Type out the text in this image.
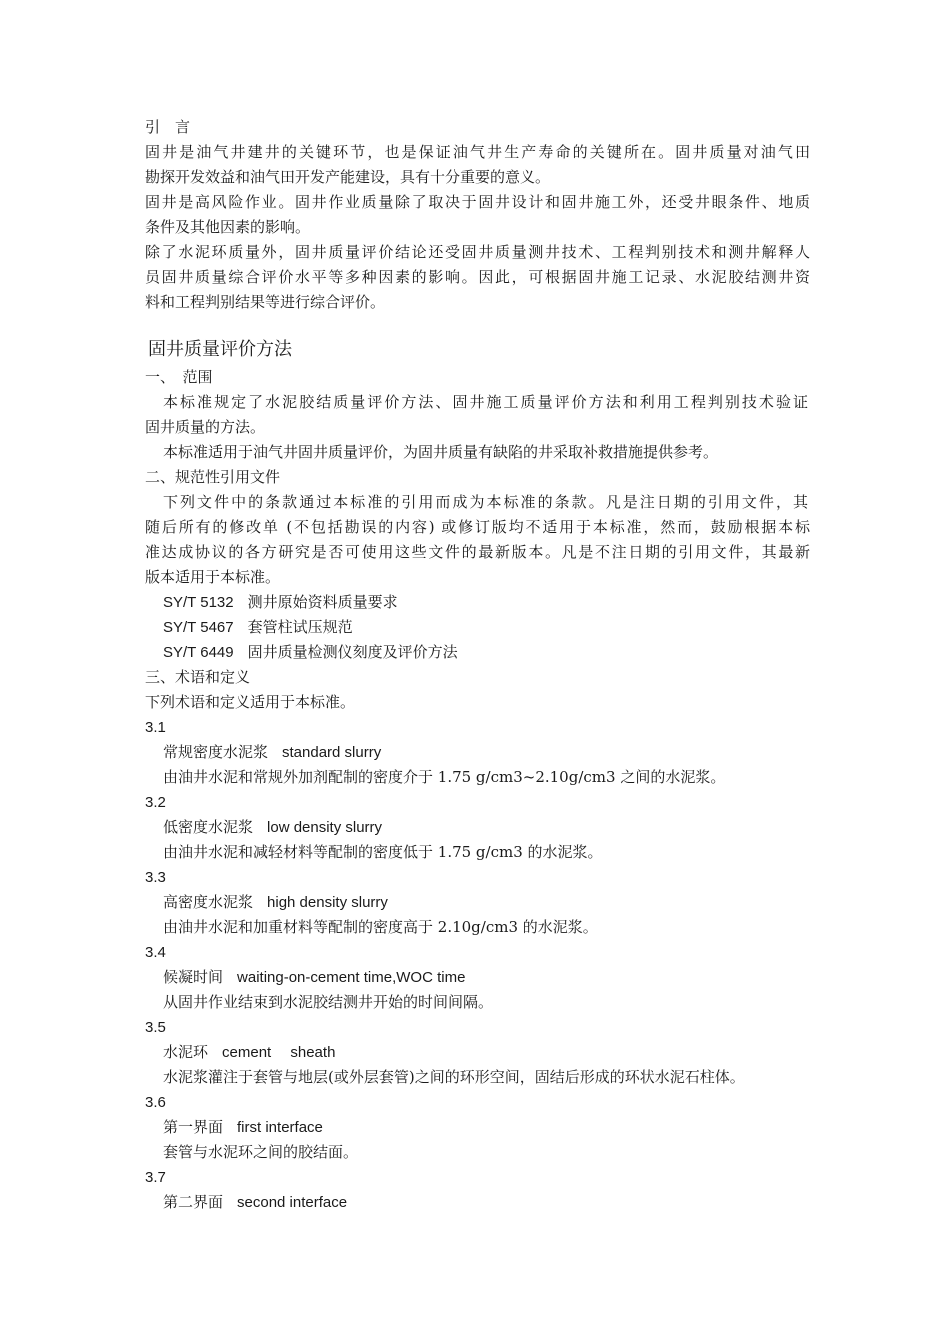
引　言
固井是油气井建井的关键环节，也是保证油气井生产寿命的关键所在。固井质量对油气田
勘探开发效益和油气田开发产能建设，具有十分重要的意义。
固井是高风险作业。固井作业质量除了取决于固井设计和固井施工外，还受井眼条件、地质
条件及其他因素的影响。
除了水泥环质量外，固井质量评价结论还受固井质量测井技术、工程判别技术和测井解释人
员固井质量综合评价水平等多种因素的影响。因此，可根据固井施工记录、水泥胶结测井资
料和工程判别结果等进行综合评价。
固井质量评价方法
一、　范围
本标准规定了水泥胶结质量评价方法、固井施工质量评价方法和利用工程判别技术验证
固井质量的方法。
本标准适用于油气井固井质量评价，为固井质量有缺陷的井采取补救措施提供参考。
二、规范性引用文件
下列文件中的条款通过本标准的引用而成为本标准的条款。凡是注日期的引用文件，其
随后所有的修改单 (不包括勘误的内容) 或修订版均不适用于本标准，然而，鼓励根据本标
准达成协议的各方研究是否可使用这些文件的最新版本。凡是不注日期的引用文件，其最新
版本适用于本标准。
SY/T 5132 测井原始资料质量要求
SY/T 5467 套管柱试压规范
SY/T 6449 固井质量检测仪刻度及评价方法
三、术语和定义
下列术语和定义适用于本标准。
3.1
常规密度水泥浆 standard slurry
由油井水泥和常规外加剂配制的密度介于 1.75 g/cm3~2.10g/cm3 之间的水泥浆。
3.2
低密度水泥浆 low density slurry
由油井水泥和减轻材料等配制的密度低于 1.75 g/cm3 的水泥浆。
3.3
高密度水泥浆 high density slurry
由油井水泥和加重材料等配制的密度高于 2.10g/cm3 的水泥浆。
3.4
候凝时间 waiting-on-cement time,WOC time
从固井作业结束到水泥胶结测井开始的时间间隔。
3.5
水泥环 cement　 sheath
水泥浆灌注于套管与地层(或外层套管)之间的环形空间，固结后形成的环状水泥石柱体。
3.6
第一界面 first interface
套管与水泥环之间的胶结面。
3.7
第二界面 second interface
